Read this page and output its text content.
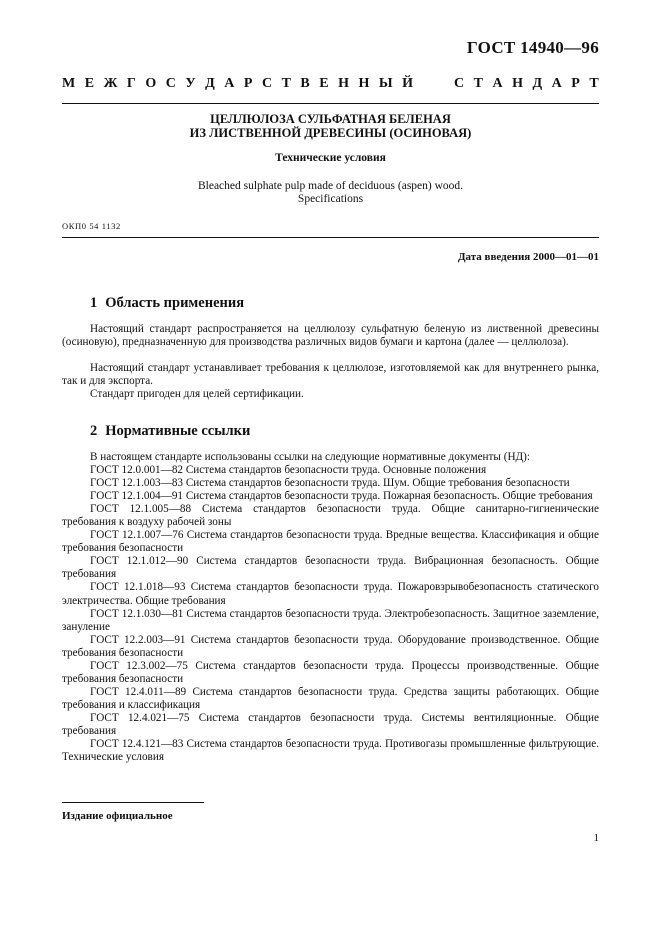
ГОСТ 14940—96
М Е Ж Г О С У Д А Р С Т В Е Н Н Ы Й	С Т А Н Д А Р Т
ЦЕЛЛЮЛОЗА СУЛЬФАТНАЯ БЕЛЕНАЯ
ИЗ ЛИСТВЕННОЙ ДРЕВЕСИНЫ (ОСИНОВАЯ)
Технические условия
Bleached sulphate pulp made of deciduous (aspen) wood.
Specifications
ОКП0 54 1132
Дата введения 2000—01—01
1 Область применения
Настоящий стандарт распространяется на целлюлозу сульфатную беленую из лиственной древесины (осиновую), предназначенную для производства различных видов бумаги и картона (далее — целлюлоза).
Настоящий стандарт устанавливает требования к целлюлозе, изготовляемой как для внутреннего рынка, так и для экспорта.
Стандарт пригоден для целей сертификации.
2 Нормативные ссылки

В настоящем стандарте использованы ссылки на следующие нормативные документы (НД):

ГОСТ 12.0.001—82 Система стандартов безопасности труда. Основные положения

ГОСТ 12.1.003—83 Система стандартов безопасности труда. Шум. Общие требования безопасности

ГОСТ 12.1.004—91 Система стандартов безопасности труда. Пожарная безопасность. Общие требования

ГОСТ 12.1.005—88 Система стандартов безопасности труда. Общие санитарно-гигиенические требования к воздуху рабочей зоны

ГОСТ 12.1.007—76 Система стандартов безопасности труда. Вредные вещества. Классификация и общие требования безопасности

ГОСТ 12.1.012—90 Система стандартов безопасности труда. Вибрационная безопасность. Общие требования

ГОСТ 12.1.018—93 Система стандартов безопасности труда. Пожаровзрывобезопасность статического электричества. Общие требования

ГОСТ 12.1.030—81 Система стандартов безопасности труда. Электробезопасность. Защитное заземление, зануление

ГОСТ 12.2.003—91 Система стандартов безопасности труда. Оборудование производственное. Общие требования безопасности

ГОСТ 12.3.002—75 Система стандартов безопасности труда. Процессы производственные. Общие требования безопасности

ГОСТ 12.4.011—89 Система стандартов безопасности труда. Средства защиты работающих. Общие требования и классификация

ГОСТ 12.4.021—75 Система стандартов безопасности труда. Системы вентиляционные. Общие требования

ГОСТ 12.4.121—83 Система стандартов безопасности труда. Противогазы промышленные фильтрующие. Технические условия

Издание официальное
1
